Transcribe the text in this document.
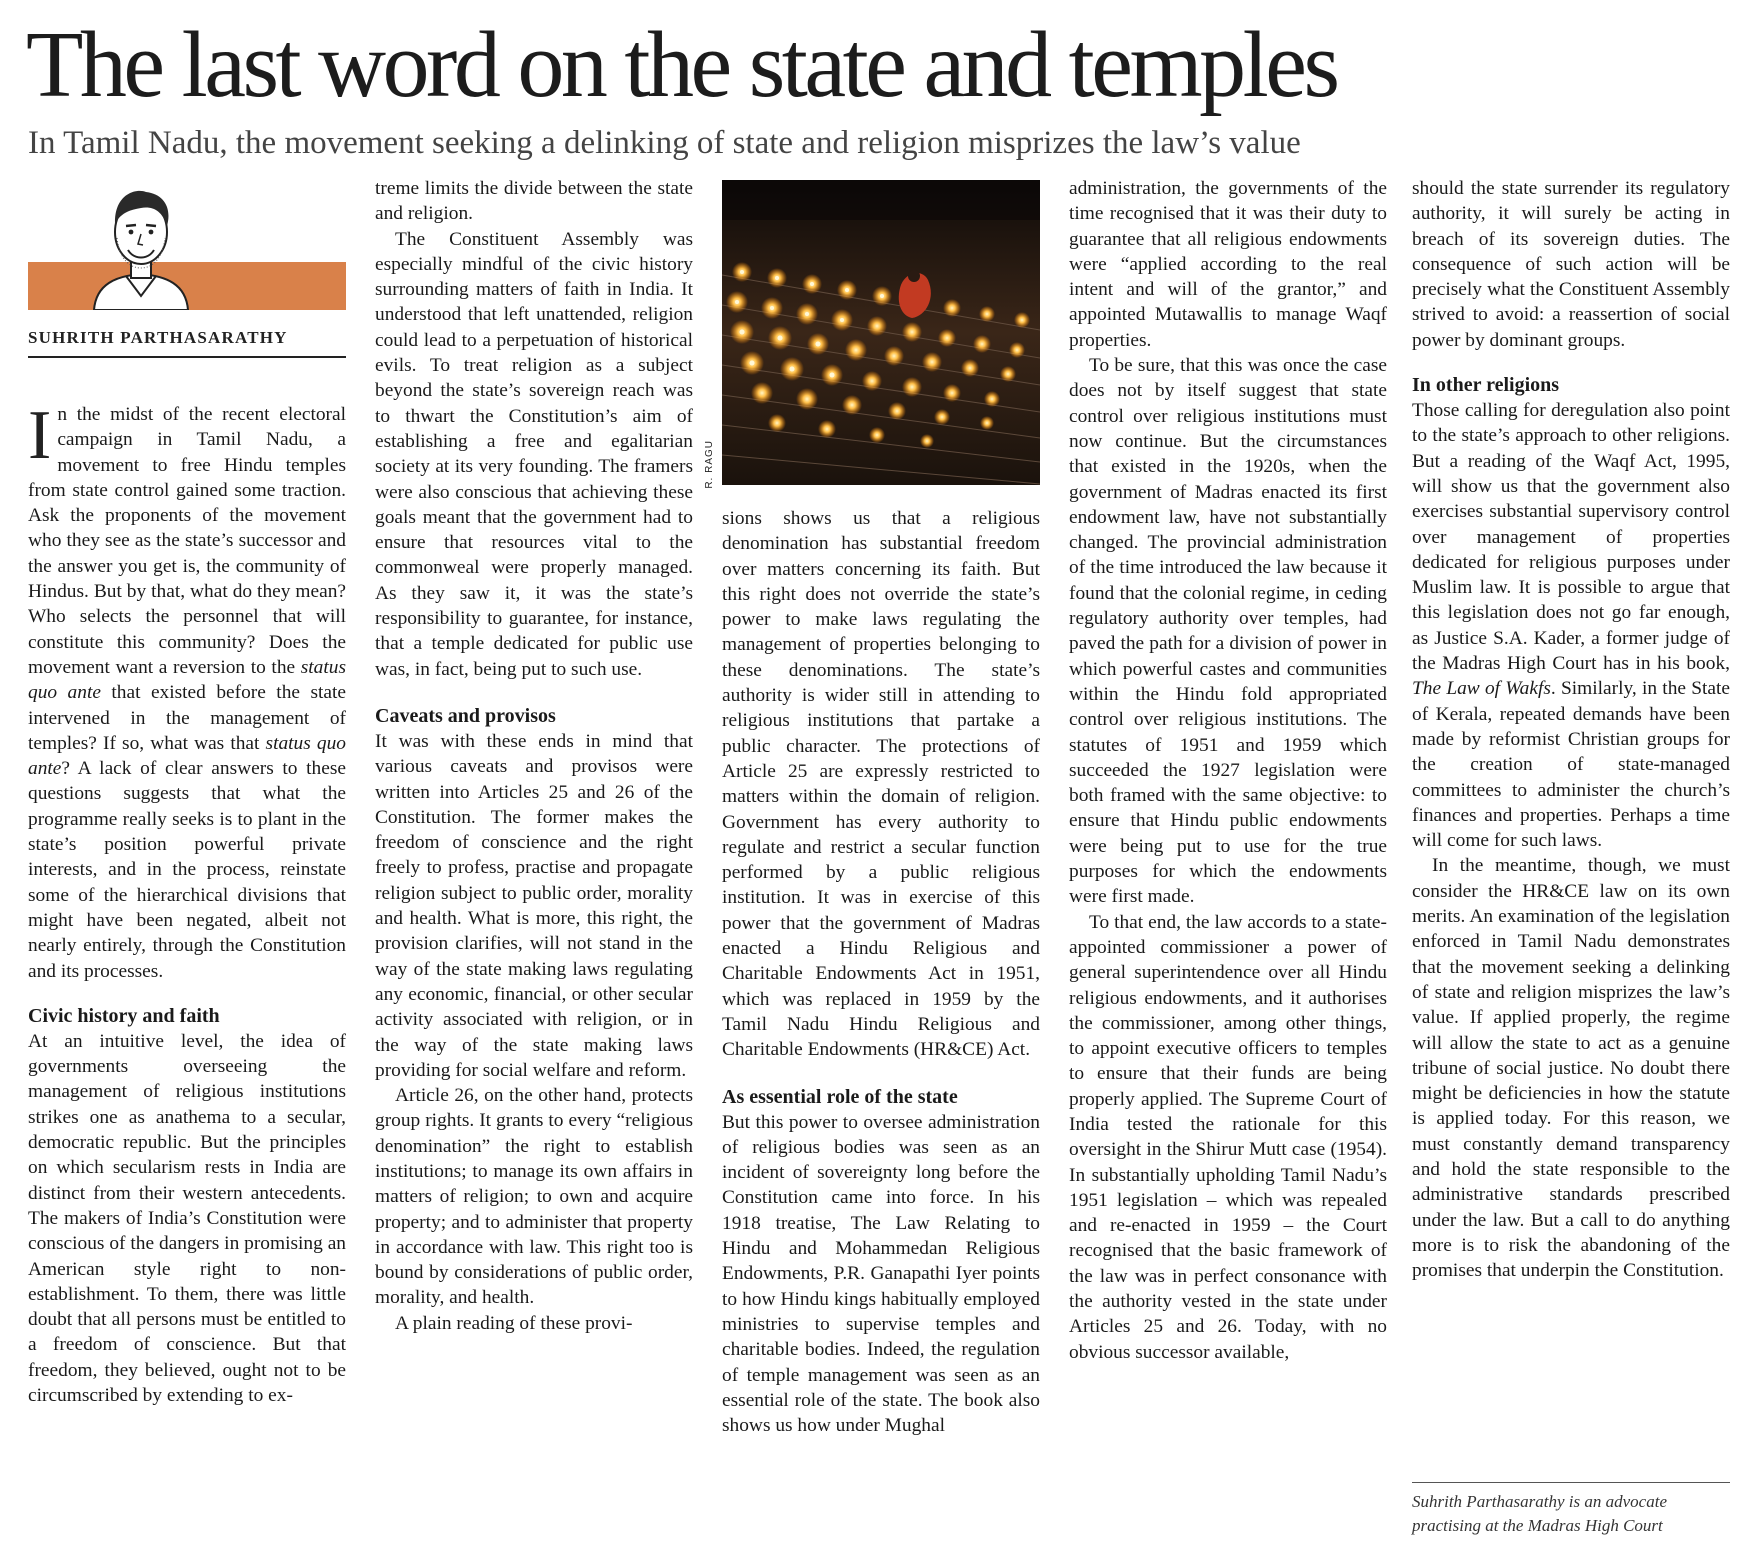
The last word on the state and temples
In Tamil Nadu, the movement seeking a delinking of state and religion misprizes the law’s value
SUHRITH PARTHASARATHY

In the midst of the recent electoral campaign in Tamil Nadu, a movement to free Hindu temples from state control gained some traction. Ask the proponents of the movement who they see as the state’s successor and the answer you get is, the community of Hindus. But by that, what do they mean? Who selects the personnel that will constitute this community? Does the movement want a reversion to the status quo ante that existed before the state intervened in the management of temples? If so, what was that status quo ante? A lack of clear answers to these questions suggests that what the programme really seeks is to plant in the state’s position powerful private interests, and in the process, reinstate some of the hierarchical divisions that might have been negated, albeit not nearly entirely, through the Constitution and its processes.

Civic history and faith

At an intuitive level, the idea of governments overseeing the management of religious institutions strikes one as anathema to a secular, democratic republic. But the principles on which secularism rests in India are distinct from their western antecedents. The makers of India’s Constitution were conscious of the dangers in promising an American style right to non-establishment. To them, there was little doubt that all persons must be entitled to a freedom of conscience. But that freedom, they believed, ought not to be circumscribed by extending to ex-

treme limits the divide between the state and religion.

The Constituent Assembly was especially mindful of the civic history surrounding matters of faith in India. It understood that left unattended, religion could lead to a perpetuation of historical evils. To treat religion as a subject beyond the state’s sovereign reach was to thwart the Constitution’s aim of establishing a free and egalitarian society at its very founding. The framers were also conscious that achieving these goals meant that the government had to ensure that resources vital to the commonweal were properly managed. As they saw it, it was the state’s responsibility to guarantee, for instance, that a temple dedicated for public use was, in fact, being put to such use.

Caveats and provisos

It was with these ends in mind that various caveats and provisos were written into Articles 25 and 26 of the Constitution. The former makes the freedom of conscience and the right freely to profess, practise and propagate religion subject to public order, morality and health. What is more, this right, the provision clarifies, will not stand in the way of the state making laws regulating any economic, financial, or other secular activity associated with religion, or in the way of the state making laws providing for social welfare and reform.

Article 26, on the other hand, protects group rights. It grants to every “religious denomination” the right to establish institutions; to manage its own affairs in matters of religion; to own and acquire property; and to administer that property in accordance with law. This right too is bound by considerations of public order, morality, and health.

A plain reading of these provi-

R. RAGU

sions shows us that a religious denomination has substantial freedom over matters concerning its faith. But this right does not override the state’s power to make laws regulating the management of properties belonging to these denominations. The state’s authority is wider still in attending to religious institutions that partake a public character. The protections of Article 25 are expressly restricted to matters within the domain of religion. Government has every authority to regulate and restrict a secular function performed by a public religious institution. It was in exercise of this power that the government of Madras enacted a Hindu Religious and Charitable Endowments Act in 1951, which was replaced in 1959 by the Tamil Nadu Hindu Religious and Charitable Endowments (HR&CE) Act.

As essential role of the state

But this power to oversee administration of religious bodies was seen as an incident of sovereignty long before the Constitution came into force. In his 1918 treatise, The Law Relating to Hindu and Mohammedan Religious Endowments, P.R. Ganapathi Iyer points to how Hindu kings habitually employed ministries to supervise temples and charitable bodies. Indeed, the regulation of temple management was seen as an essential role of the state. The book also shows us how under Mughal

administration, the governments of the time recognised that it was their duty to guarantee that all religious endowments were “applied according to the real intent and will of the grantor,” and appointed Mutawallis to manage Waqf properties.

To be sure, that this was once the case does not by itself suggest that state control over religious institutions must now continue. But the circumstances that existed in the 1920s, when the government of Madras enacted its first endowment law, have not substantially changed. The provincial administration of the time introduced the law because it found that the colonial regime, in ceding regulatory authority over temples, had paved the path for a division of power in which powerful castes and communities within the Hindu fold appropriated control over religious institutions. The statutes of 1951 and 1959 which succeeded the 1927 legislation were both framed with the same objective: to ensure that Hindu public endowments were being put to use for the true purposes for which the endowments were first made.

To that end, the law accords to a state-appointed commissioner a power of general superintendence over all Hindu religious endowments, and it authorises the commissioner, among other things, to appoint executive officers to temples to ensure that their funds are being properly applied. The Supreme Court of India tested the rationale for this oversight in the Shirur Mutt case (1954). In substantially upholding Tamil Nadu’s 1951 legislation – which was repealed and re-enacted in 1959 – the Court recognised that the basic framework of the law was in perfect consonance with the authority vested in the state under Articles 25 and 26. Today, with no obvious successor available,

should the state surrender its regulatory authority, it will surely be acting in breach of its sovereign duties. The consequence of such action will be precisely what the Constituent Assembly strived to avoid: a reassertion of social power by dominant groups.

In other religions

Those calling for deregulation also point to the state’s approach to other religions. But a reading of the Waqf Act, 1995, will show us that the government also exercises substantial supervisory control over management of properties dedicated for religious purposes under Muslim law. It is possible to argue that this legislation does not go far enough, as Justice S.A. Kader, a former judge of the Madras High Court has in his book, The Law of Wakfs. Similarly, in the State of Kerala, repeated demands have been made by reformist Christian groups for the creation of state-managed committees to administer the church’s finances and properties. Perhaps a time will come for such laws.

In the meantime, though, we must consider the HR&CE law on its own merits. An examination of the legislation enforced in Tamil Nadu demonstrates that the movement seeking a delinking of state and religion misprizes the law’s value. If applied properly, the regime will allow the state to act as a genuine tribune of social justice. No doubt there might be deficiencies in how the statute is applied today. For this reason, we must constantly demand transparency and hold the state responsible to the administrative standards prescribed under the law. But a call to do anything more is to risk the abandoning of the promises that underpin the Constitution.

Suhrith Parthasarathy is an advocate practising at the Madras High Court
